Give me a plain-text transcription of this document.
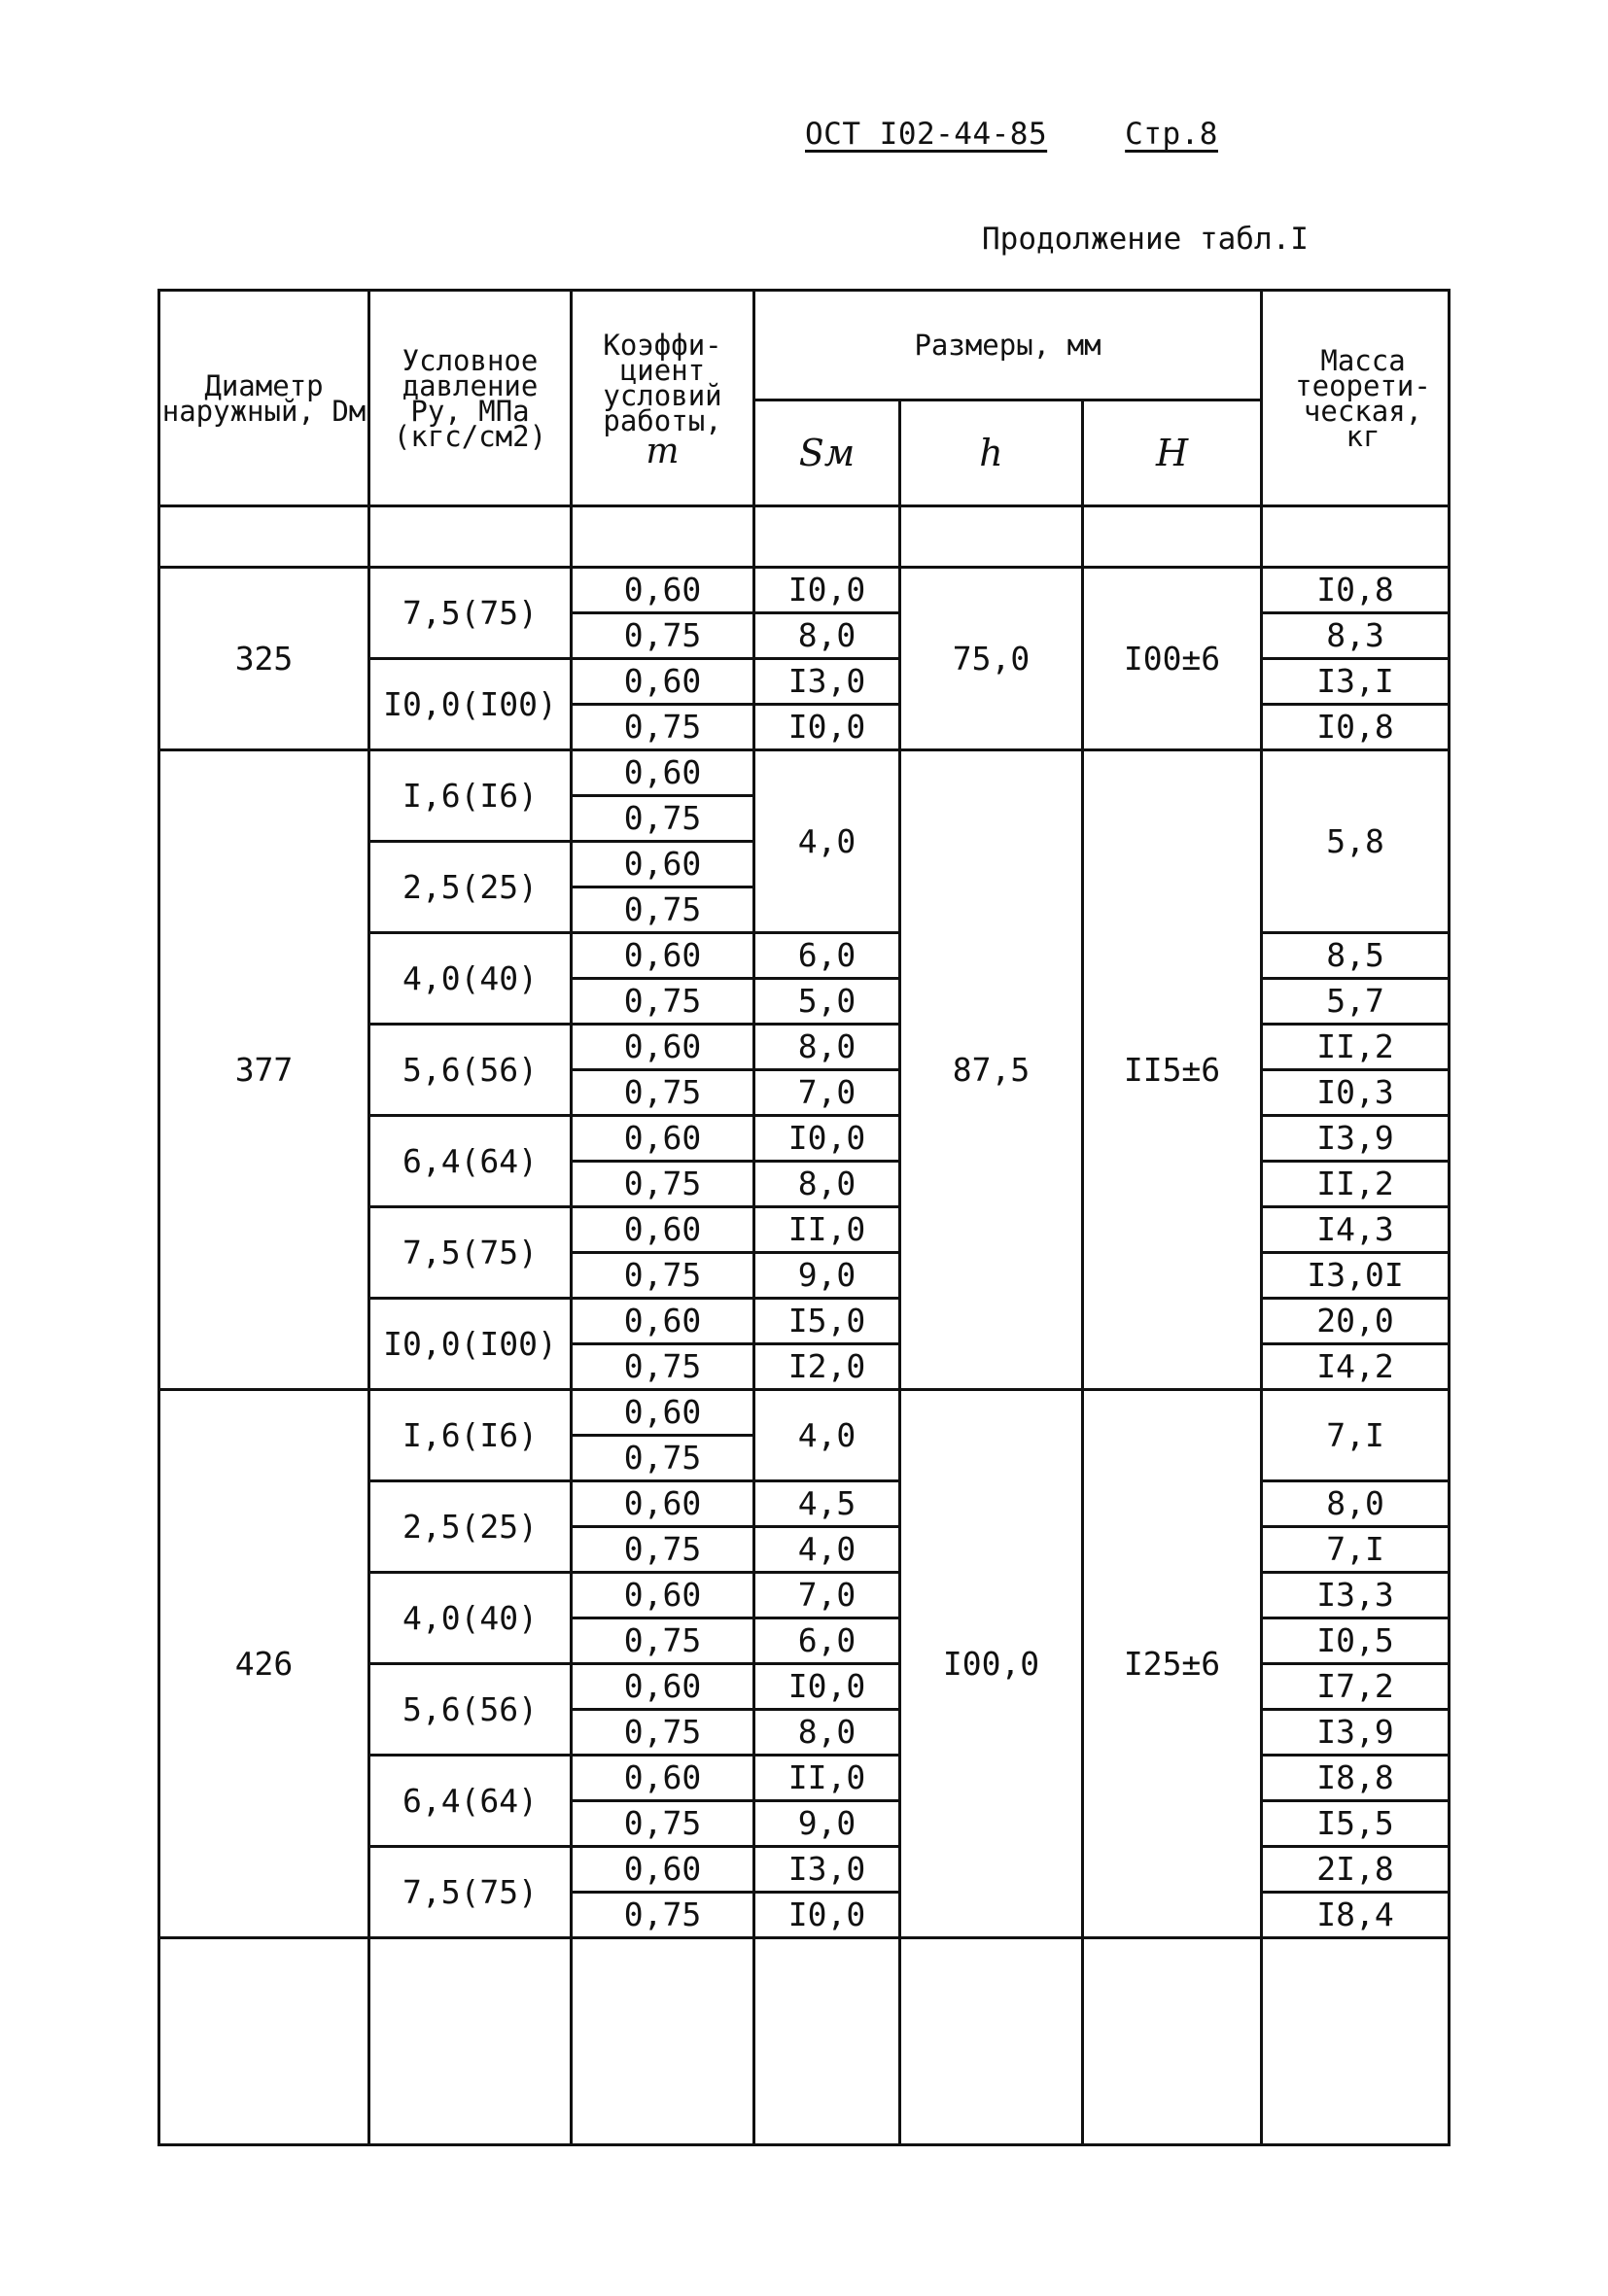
ОСТ I02-44-85	Стр.8
Продолжение табл.I
Диаметр наружный, Dм	Условное давление Py, МПа (кгс/см2)	Коэффи-циент условий работы,
m	Размеры, мм			Масса теорети-ческая, кг
			Sм	h	H	

325	7,5(75)	0,60	I0,0	75,0	I00±6	I0,8
		0,75	8,0			8,3
	I0,0(I00)	0,60	I3,0			I3,I
		0,75	I0,0			I0,8
377	I,6(I6)	0,60	4,0	87,5	II5±6	5,8
		0,75				
	2,5(25)	0,60				
		0,75				
	4,0(40)	0,60	6,0			8,5
		0,75	5,0			5,7
	5,6(56)	0,60	8,0			II,2
		0,75	7,0			I0,3
	6,4(64)	0,60	I0,0			I3,9
		0,75	8,0			II,2
	7,5(75)	0,60	II,0			I4,3
		0,75	9,0			I3,0I
	I0,0(I00)	0,60	I5,0			20,0
		0,75	I2,0			I4,2
426	I,6(I6)	0,60	4,0	I00,0	I25±6	7,I
		0,75				
	2,5(25)	0,60	4,5			8,0
		0,75	4,0			7,I
	4,0(40)	0,60	7,0			I3,3
		0,75	6,0			I0,5
	5,6(56)	0,60	I0,0			I7,2
		0,75	8,0			I3,9
	6,4(64)	0,60	II,0			I8,8
		0,75	9,0			I5,5
	7,5(75)	0,60	I3,0			2I,8
		0,75	I0,0			I8,4
